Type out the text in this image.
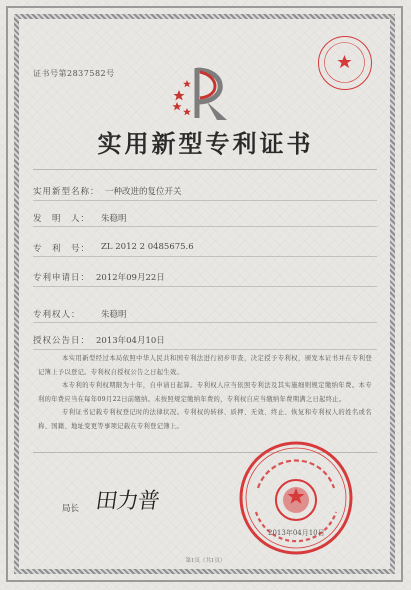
证书号第2837582号
实用新型专利证书
实用新型名称： 一种改进的复位开关
发　明　人： 朱稳明
专　利　号： ZL 2012 2 0485675.6
专利申请日： 2012年09月22日
专利权人： 朱稳明
授权公告日： 2013年04月10日

本实用新型经过本局依照中华人民共和国专利法进行初步审查，决定授予专利权，颁发本证书并在专利登记簿上予以登记。专利权自授权公告之日起生效。

本专利的专利权期限为十年，自申请日起算。专利权人应当依照专利法及其实施细则规定缴纳年费。本专利的年费应当在每年09月22日前缴纳。未按照规定缴纳年费的，专利权自应当缴纳年费期满之日起终止。

专利证书记载专利权登记时的法律状况。专利权的转移、质押、无效、终止、恢复和专利权人的姓名或名称、国籍、地址变更等事项记载在专利登记簿上。

局长 田力普
2013年04月10日
第1页（共1页）
